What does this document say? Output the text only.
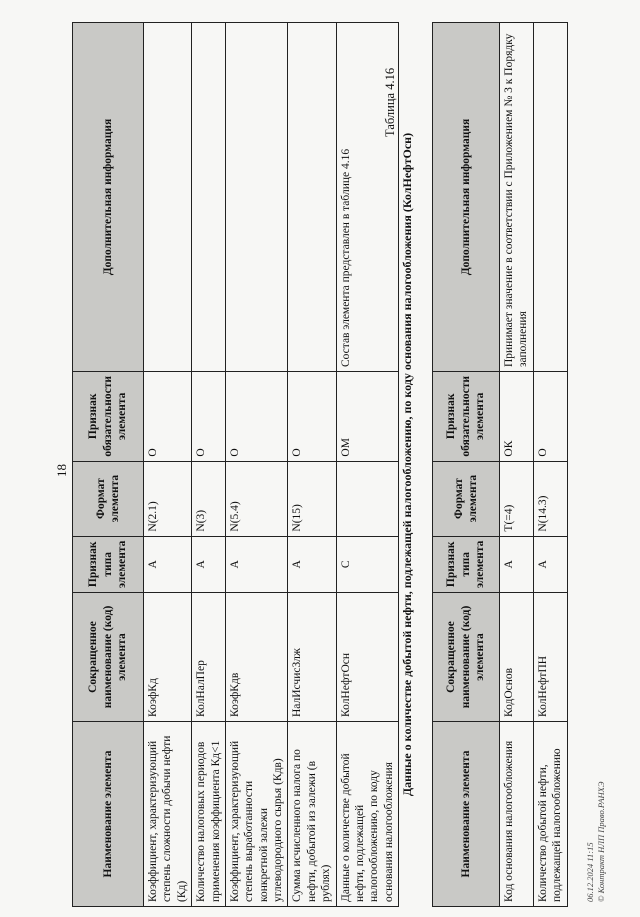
18
Наименование элемента	Сокращенное наименование (код) элемента	Признак типа элемента	Формат элемента	Признак обязательности элемента	Дополнительная информация
Коэффициент, характеризующий степень сложности добычи нефти (Кд)	КоэфКд	А	N(2.1)	О	
Количество налоговых периодов применения коэффициента Кд<1	КолНалПер	А	N(3)	О	
Коэффициент, характеризующий степень выработанности конкретной залежи углеводородного сырья (Кдв)	КоэфКдв	А	N(5.4)	О	
Сумма исчисленного налога по нефти, добытой из залежи (в рублях)	НалИсчисЗлж	А	N(15)	О	
Данные о количестве добытой нефти, подлежащей налогообложению, по коду основания налогообложения	КолНефтОсн	С		ОМ	Состав элемента представлен в таблице 4.16
Таблица 4.16
Данные о количестве добытой нефти, подлежащей налогообложению, по коду основания налогообложения (КолНефтОсн)
Наименование элемента	Сокращенное наименование (код) элемента	Признак типа элемента	Формат элемента	Признак обязательности элемента	Дополнительная информация
Код основания налогообложения	КодОснов	А	Т(=4)	ОК	Принимает значение в соответствии с Приложением № 3 к Порядку заполнения
Количество добытой нефти, подлежащей налогообложению	КолНефтПН	А	N(14.3)	О	
06.12.2024 11:15 © Контракт НЛП Право.РАНХЭ
